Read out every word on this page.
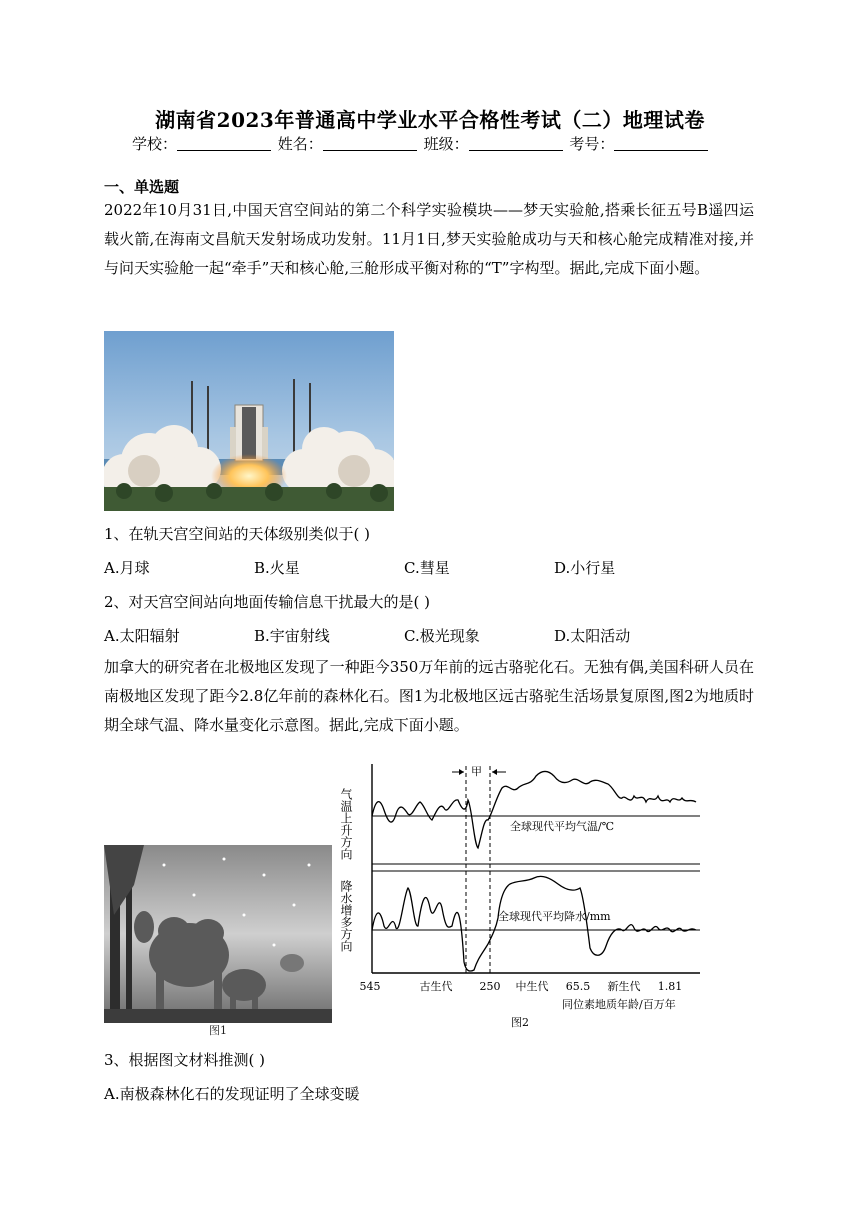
湖南省2023年普通高中学业水平合格性考试（二）地理试卷
学校：	姓名：	班级：	考号：
一、单选题
2022年10月31日,中国天宫空间站的第二个科学实验模块——梦天实验舱,搭乘长征五号B遥四运载火箭,在海南文昌航天发射场成功发射。11月1日,梦天实验舱成功与天和核心舱完成精准对接,并与问天实验舱一起“牵手”天和核心舱,三舱形成平衡对称的“T”字构型。据此,完成下面小题。
1、在轨天宫空间站的天体级别类似于( )
A.月球	B.火星	C.彗星	D.小行星
2、对天宫空间站向地面传输信息干扰最大的是( )
A.太阳辐射	B.宇宙射线	C.极光现象	D.太阳活动
加拿大的研究者在北极地区发现了一种距今350万年前的远古骆驼化石。无独有偶,美国科研人员在南极地区发现了距今2.8亿年前的森林化石。图1为北极地区远古骆驼生活场景复原图,图2为地质时期全球气温、降水量变化示意图。据此,完成下面小题。
图1
气温上升方向
降水增多方向
全球现代平均气温/℃
全球现代平均降水/mm
甲
545	古生代 250 中生代 65.5 新生代 1.81
同位素地质年龄/百万年
图2
3、根据图文材料推测( )
A.南极森林化石的发现证明了全球变暖
